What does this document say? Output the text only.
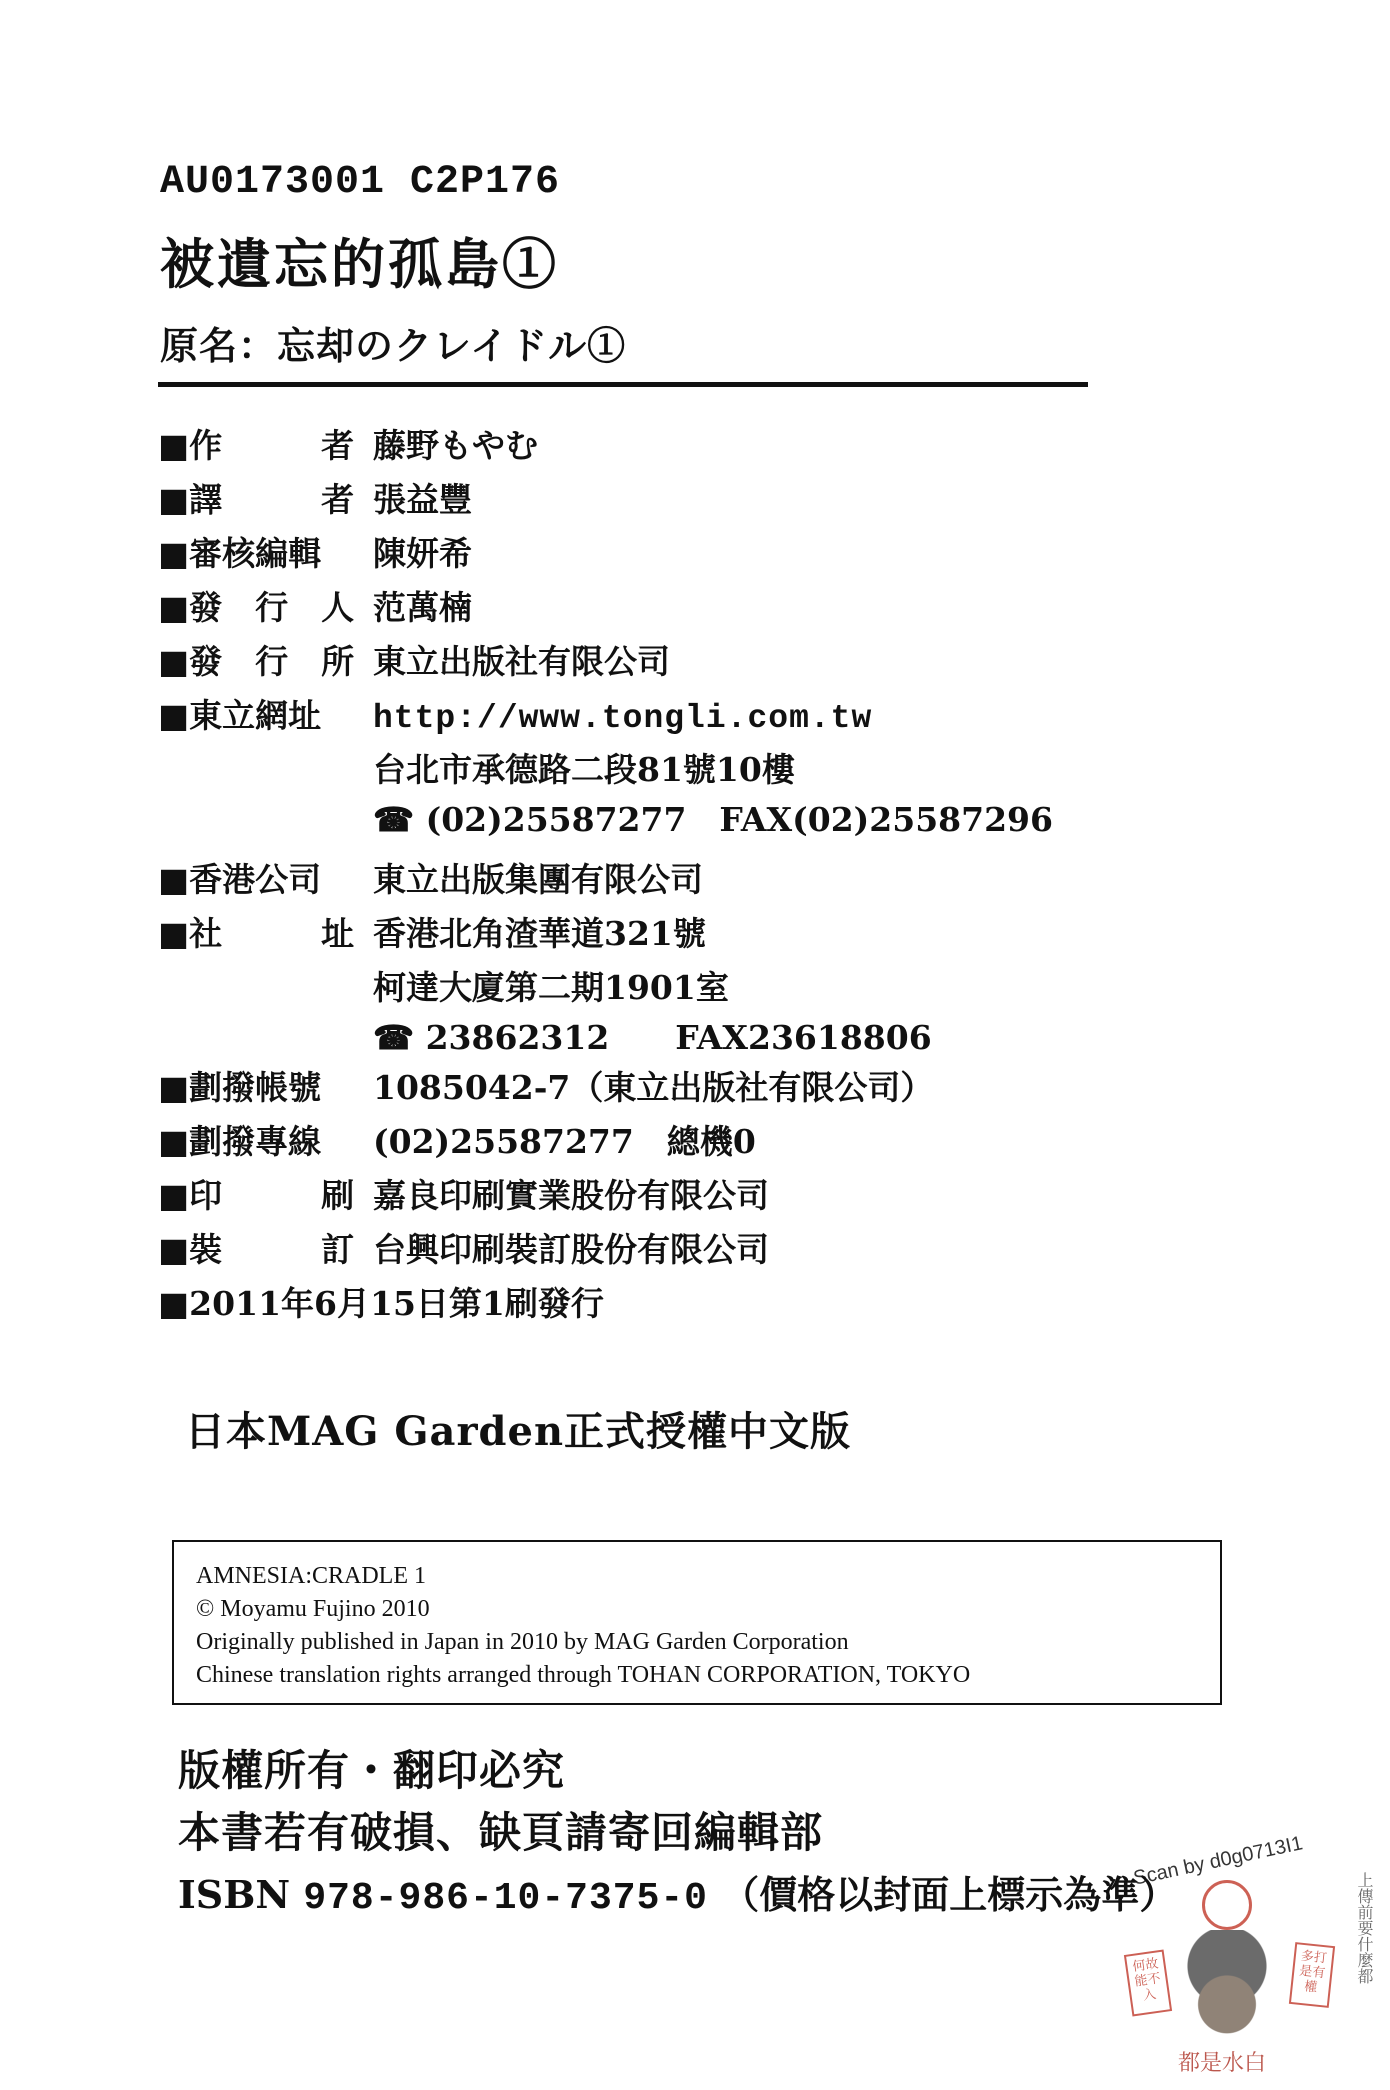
AU0173001 C2P176
被遺忘的孤島①
原名：忘却のクレイドル①
■作　　　者 藤野もやむ
■譯　　　者 張益豐
■審核編輯	陳妍希
■發　行　人 范萬楠
■發　行　所 東立出版社有限公司
■東立網址	http://www.tongli.com.tw
台北市承德路二段81號10樓
☎ (02)25587277　FAX(02)25587296
■香港公司	東立出版集團有限公司
■社　　　址 香港北角渣華道321號
柯達大廈第二期1901室
☎ 23862312　　FAX23618806
■劃撥帳號	1085042-7（東立出版社有限公司）
■劃撥專線	(02)25587277　總機0
■印　　　刷 嘉良印刷實業股份有限公司
■裝　　　訂 台興印刷裝訂股份有限公司
■2011年6月15日第1刷發行
日本MAG Garden正式授權中文版
AMNESIA:CRADLE 1
© Moyamu Fujino 2010
Originally published in Japan in 2010 by MAG Garden Corporation
Chinese translation rights arranged through TOHAN CORPORATION, TOKYO
版權所有・翻印必究
本書若有破損、缺頁請寄回編輯部
ISBN 978-986-10-7375-0 （價格以封面上標示為準）
Scan by d0g0713I1
何故能不入
多打是有權
上傳前要什麼都
都是水白
